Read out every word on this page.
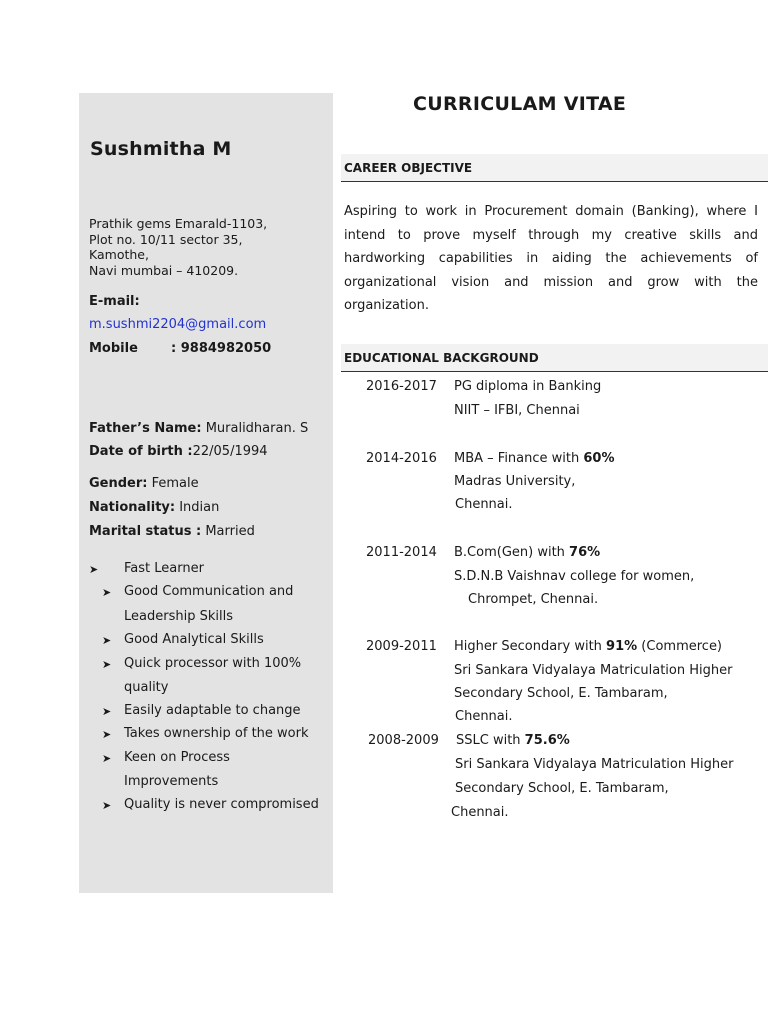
Sushmitha M
Prathik gems Emarald-1103,
Plot no. 10/11 sector 35,
Kamothe,
Navi mumbai – 410209.
E-mail:
m.sushmi2204@gmail.com
Mobile	: 9884982050
Father’s Name: Muralidharan. S
Date of birth :22/05/1994
Gender: Female
Nationality: Indian
Marital status : Married
➤ Fast Learner
➤ Good Communication and
Leadership Skills
➤ Good Analytical Skills
➤ Quick processor with 100%
quality
➤ Easily adaptable to change
➤ Takes ownership of the work
➤ Keen on Process
Improvements
➤ Quality is never compromised
CURRICULAM VITAE
CAREER OBJECTIVE
Aspiring to work in Procurement domain (Banking), where I intend to prove myself through my creative skills and hardworking capabilities in aiding the achievements of organizational vision and mission and grow with the organization.
EDUCATIONAL BACKGROUND
2016-2017 PG diploma in Banking
NIIT – IFBI, Chennai
2014-2016 MBA – Finance with 60%
Madras University,
Chennai.
2011-2014 B.Com(Gen) with 76%
S.D.N.B Vaishnav college for women,
Chrompet, Chennai.
2009-2011 Higher Secondary with 91% (Commerce)
Sri Sankara Vidyalaya Matriculation Higher
Secondary School, E. Tambaram,
Chennai.
2008-2009 SSLC with 75.6%
Sri Sankara Vidyalaya Matriculation Higher
Secondary School, E. Tambaram,
Chennai.
